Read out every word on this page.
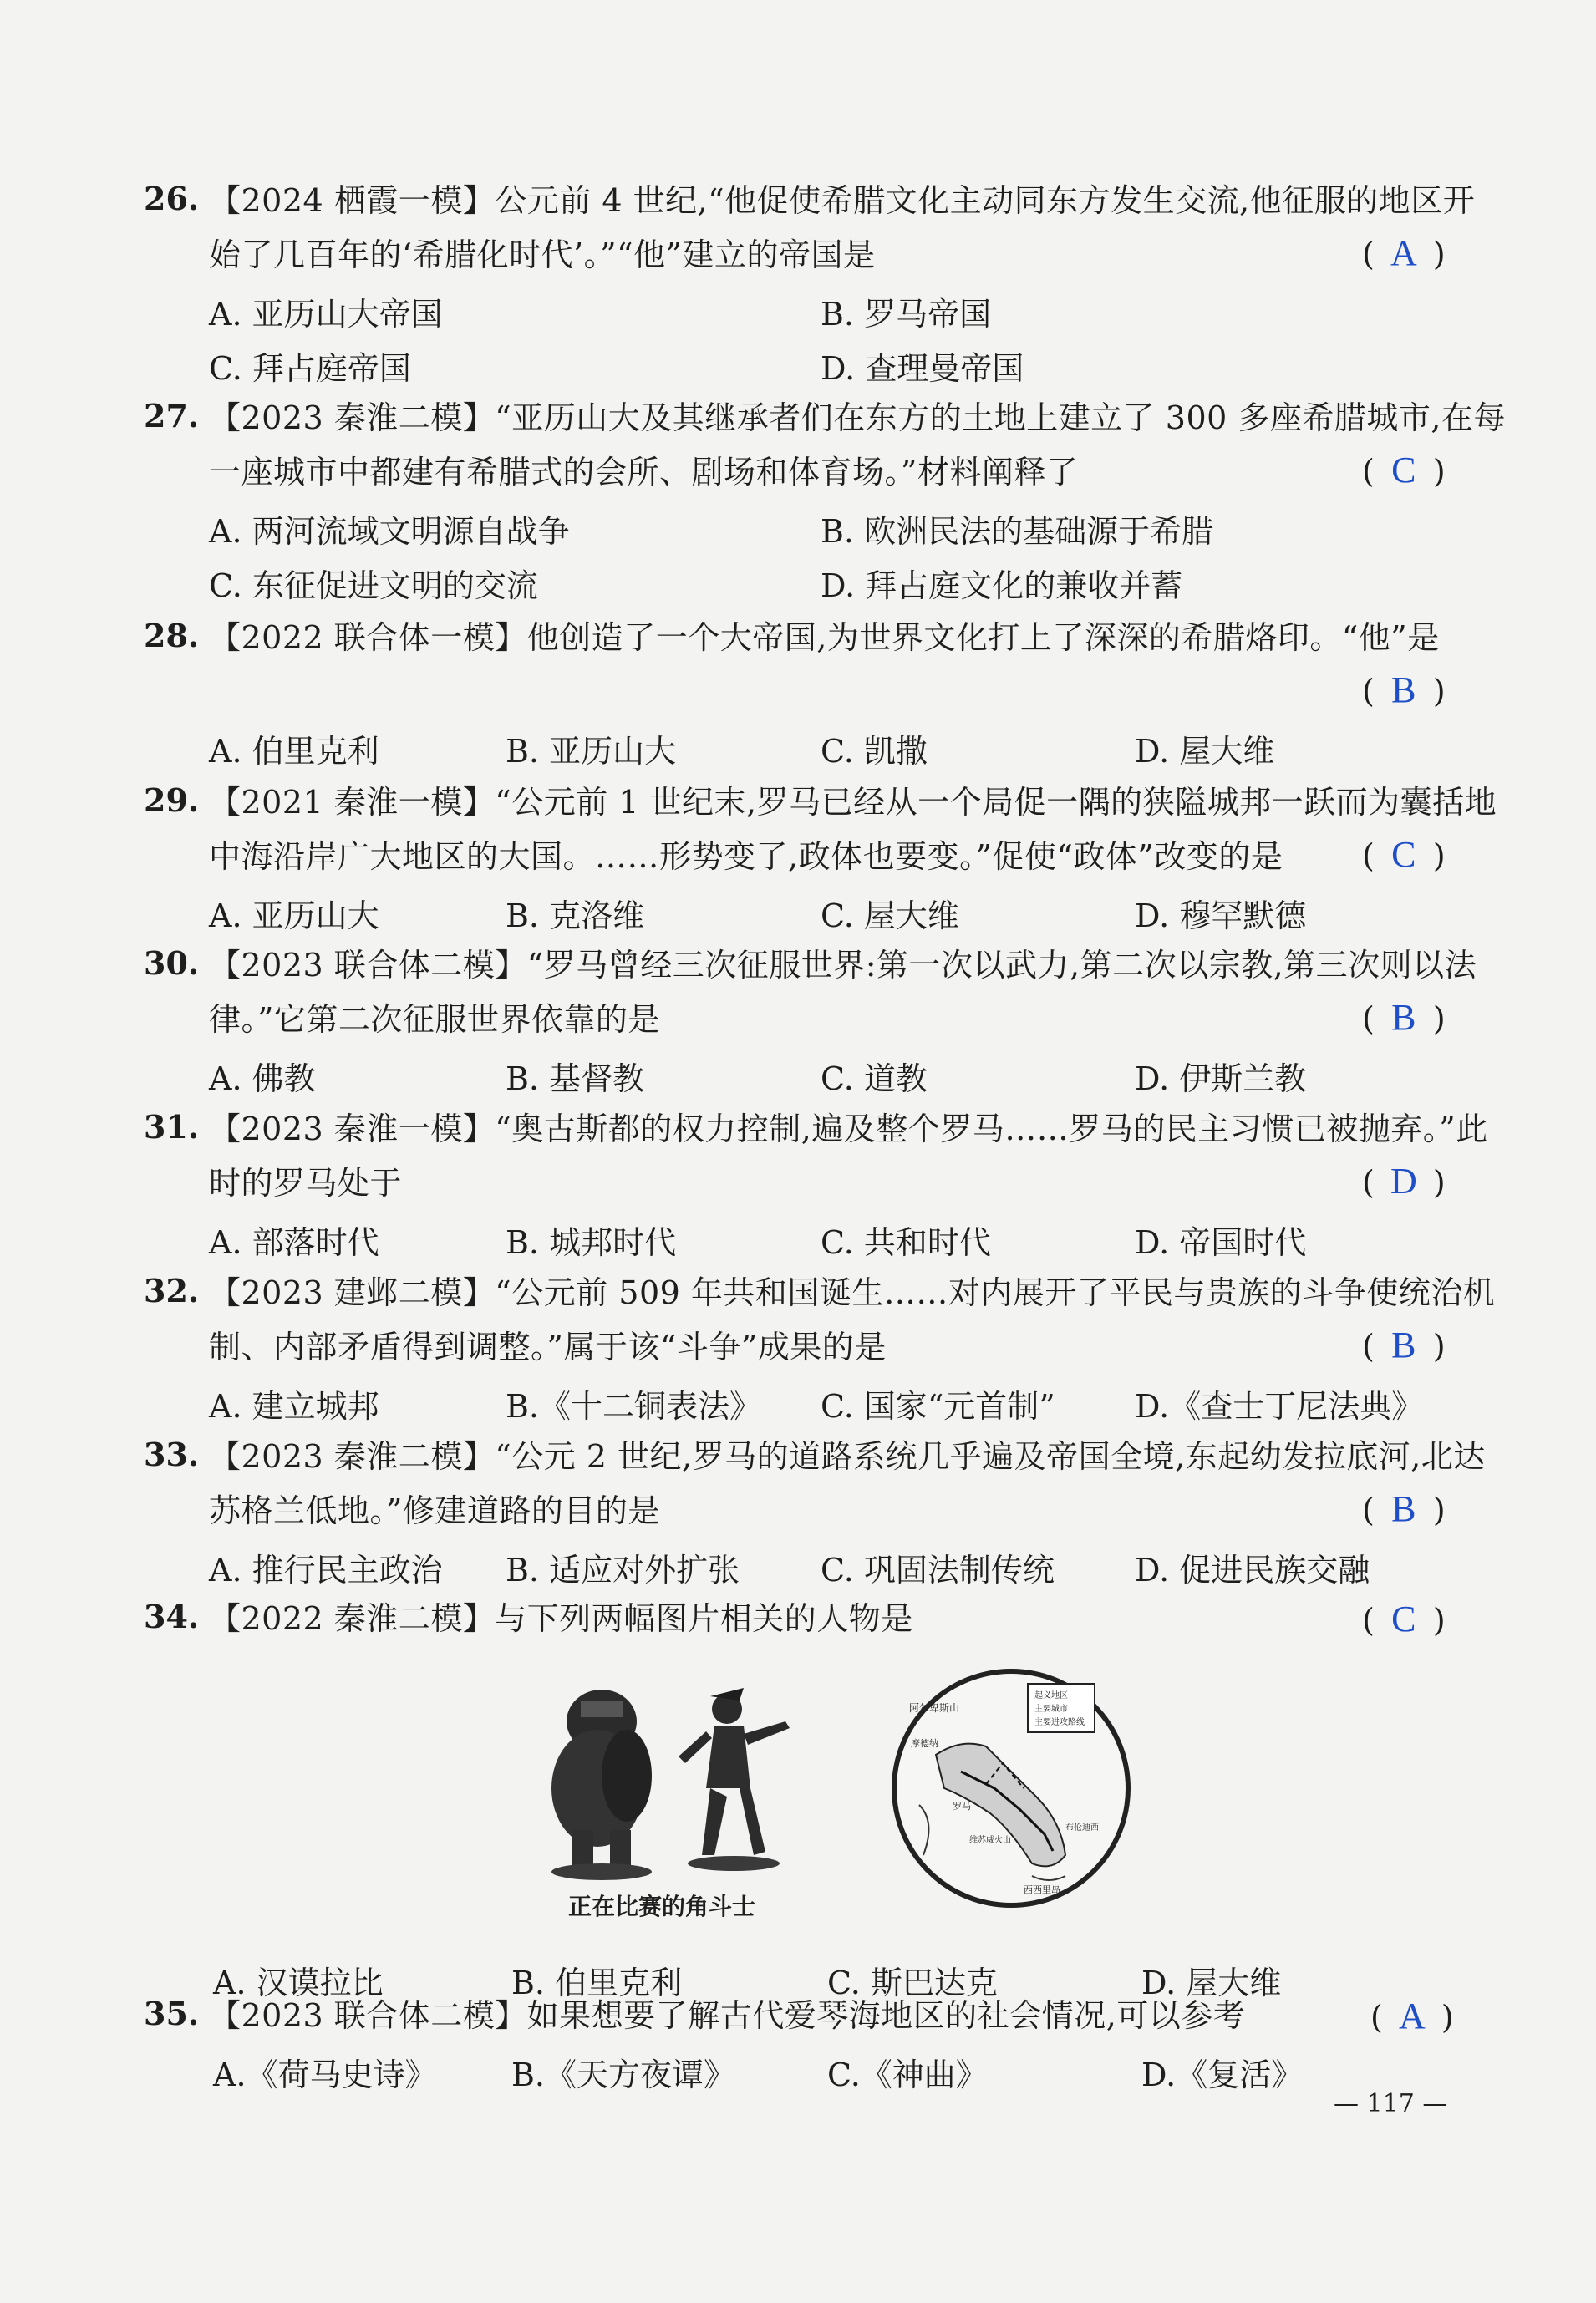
26. 【2024 栖霞一模】公元前 4 世纪,“他促使希腊文化主动同东方发生交流,他征服的地区开
始了几百年的‘希腊化时代’。”“他”建立的帝国是	( A )
A. 亚历山大帝国	B. 罗马帝国
C. 拜占庭帝国	D. 查理曼帝国
27. 【2023 秦淮二模】“亚历山大及其继承者们在东方的土地上建立了 300 多座希腊城市,在每
一座城市中都建有希腊式的会所、剧场和体育场。”材料阐释了	( C )
A. 两河流域文明源自战争	B. 欧洲民法的基础源于希腊
C. 东征促进文明的交流	D. 拜占庭文化的兼收并蓄
28. 【2022 联合体一模】他创造了一个大帝国,为世界文化打上了深深的希腊烙印。“他”是
( B )
A. 伯里克利	B. 亚历山大	C. 凯撒	D. 屋大维
29. 【2021 秦淮一模】“公元前 1 世纪末,罗马已经从一个局促一隅的狭隘城邦一跃而为囊括地
中海沿岸广大地区的大国。……形势变了,政体也要变。”促使“政体”改变的是 ( C )
A. 亚历山大	B. 克洛维	C. 屋大维	D. 穆罕默德
30. 【2023 联合体二模】“罗马曾经三次征服世界:第一次以武力,第二次以宗教,第三次则以法
律。”它第二次征服世界依靠的是	( B )
A. 佛教	B. 基督教	C. 道教	D. 伊斯兰教
31. 【2023 秦淮一模】“奥古斯都的权力控制,遍及整个罗马……罗马的民主习惯已被抛弃。”此
时的罗马处于	( D )
A. 部落时代	B. 城邦时代	C. 共和时代	D. 帝国时代
32. 【2023 建邺二模】“公元前 509 年共和国诞生……对内展开了平民与贵族的斗争使统治机
制、内部矛盾得到调整。”属于该“斗争”成果的是	( B )
A. 建立城邦	B.《十二铜表法》 C. 国家“元首制”	D.《查士丁尼法典》
33. 【2023 秦淮二模】“公元 2 世纪,罗马的道路系统几乎遍及帝国全境,东起幼发拉底河,北达
苏格兰低地。”修建道路的目的是	( B )
A. 推行民主政治 B. 适应对外扩张	C. 巩固法制传统	D. 促进民族交融
34. 【2022 秦淮二模】与下列两幅图片相关的人物是	( C )
A. 汉谟拉比	B. 伯里克利	C. 斯巴达克	D. 屋大维
正在比赛的角斗士
起义地区
主要城市
主要进攻路线
阿尔卑斯山
摩德纳
罗马
维苏威火山
西西里岛
布伦迪西
35. 【2023 联合体二模】如果想要了解古代爱琴海地区的社会情况,可以参考	( A )
A.《荷马史诗》 B.《天方夜谭》	C.《神曲》	D.《复活》
— 117 —
